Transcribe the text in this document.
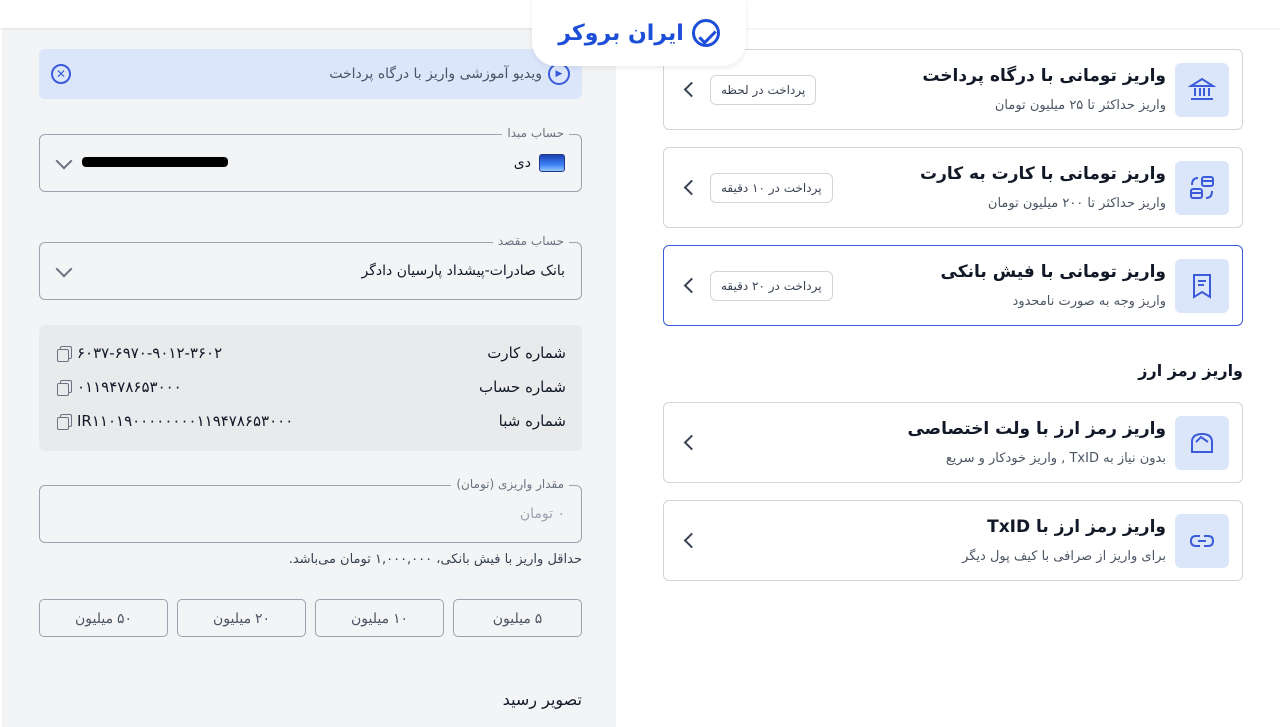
ایران بروکر
▶
ویدیو آموزشی واریز با درگاه پرداخت
✕
حساب مبدا
دی
حساب مقصد
بانک صادرات-پیشداد پارسیان دادگر
شماره کارت
۶۰۳۷-۶۹۷۰-۹۰۱۲-۳۶۰۲
شماره حساب
۰۱۱۹۴۷۸۶۵۳۰۰۰
شماره شبا
IR۱۱۰۱۹۰۰۰۰۰۰۰۰۱۱۹۴۷۸۶۵۳۰۰۰
مقدار واریزی (تومان)
۰ تومان
حداقل واریز با فیش بانکی، ۱,۰۰۰,۰۰۰ تومان می‌باشد.
۵ میلیون
۱۰ میلیون
۲۰ میلیون
۵۰ میلیون
تصویر رسید
واریز تومانی با درگاه پرداخت
واریز حداکثر تا ۲۵ میلیون تومان
پرداخت در لحظه
واریز تومانی با کارت به کارت
واریز حداکثر تا ۲۰۰ میلیون تومان
پرداخت در ۱۰ دقیقه
واریز تومانی با فیش بانکی
واریز وجه به صورت نامحدود
پرداخت در ۲۰ دقیقه
واریز رمز ارز
واریز رمز ارز با ولت اختصاصی
بدون نیاز به TxID , واریز خودکار و سریع
واریز رمز ارز با TxID
برای واریز از صرافی با کیف پول دیگر
